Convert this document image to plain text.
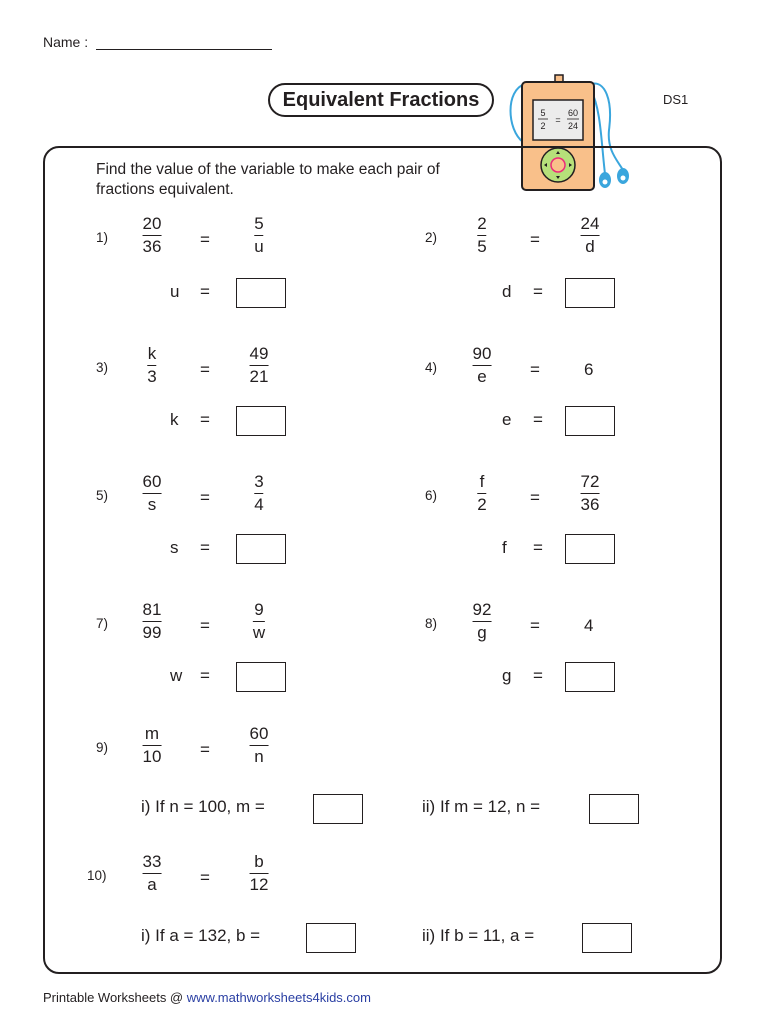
Name :
Equivalent Fractions	DS1
5
2
=
60
24
Find the value of the variable to make each pair of fractions equivalent.
1)
20
36 =
5
u
u =
2)
2
5	=
24
d
d =
3)
k
3	=
49
21
k =
4)
90
e	=	6
e =
5)
60
s	=
3
4
s =
6)
f
2	=
72
36
f =
7)
81
99 =
9
w
w =
8)
92
g	=	4
g =
9)
m
10 =
60
n
i) If n = 100, m =	ii) If m = 12, n =
10)
33
a	=
b
12
i) If a = 132, b =	ii) If b = 11, a =
Printable Worksheets @ www.mathworksheets4kids.com
